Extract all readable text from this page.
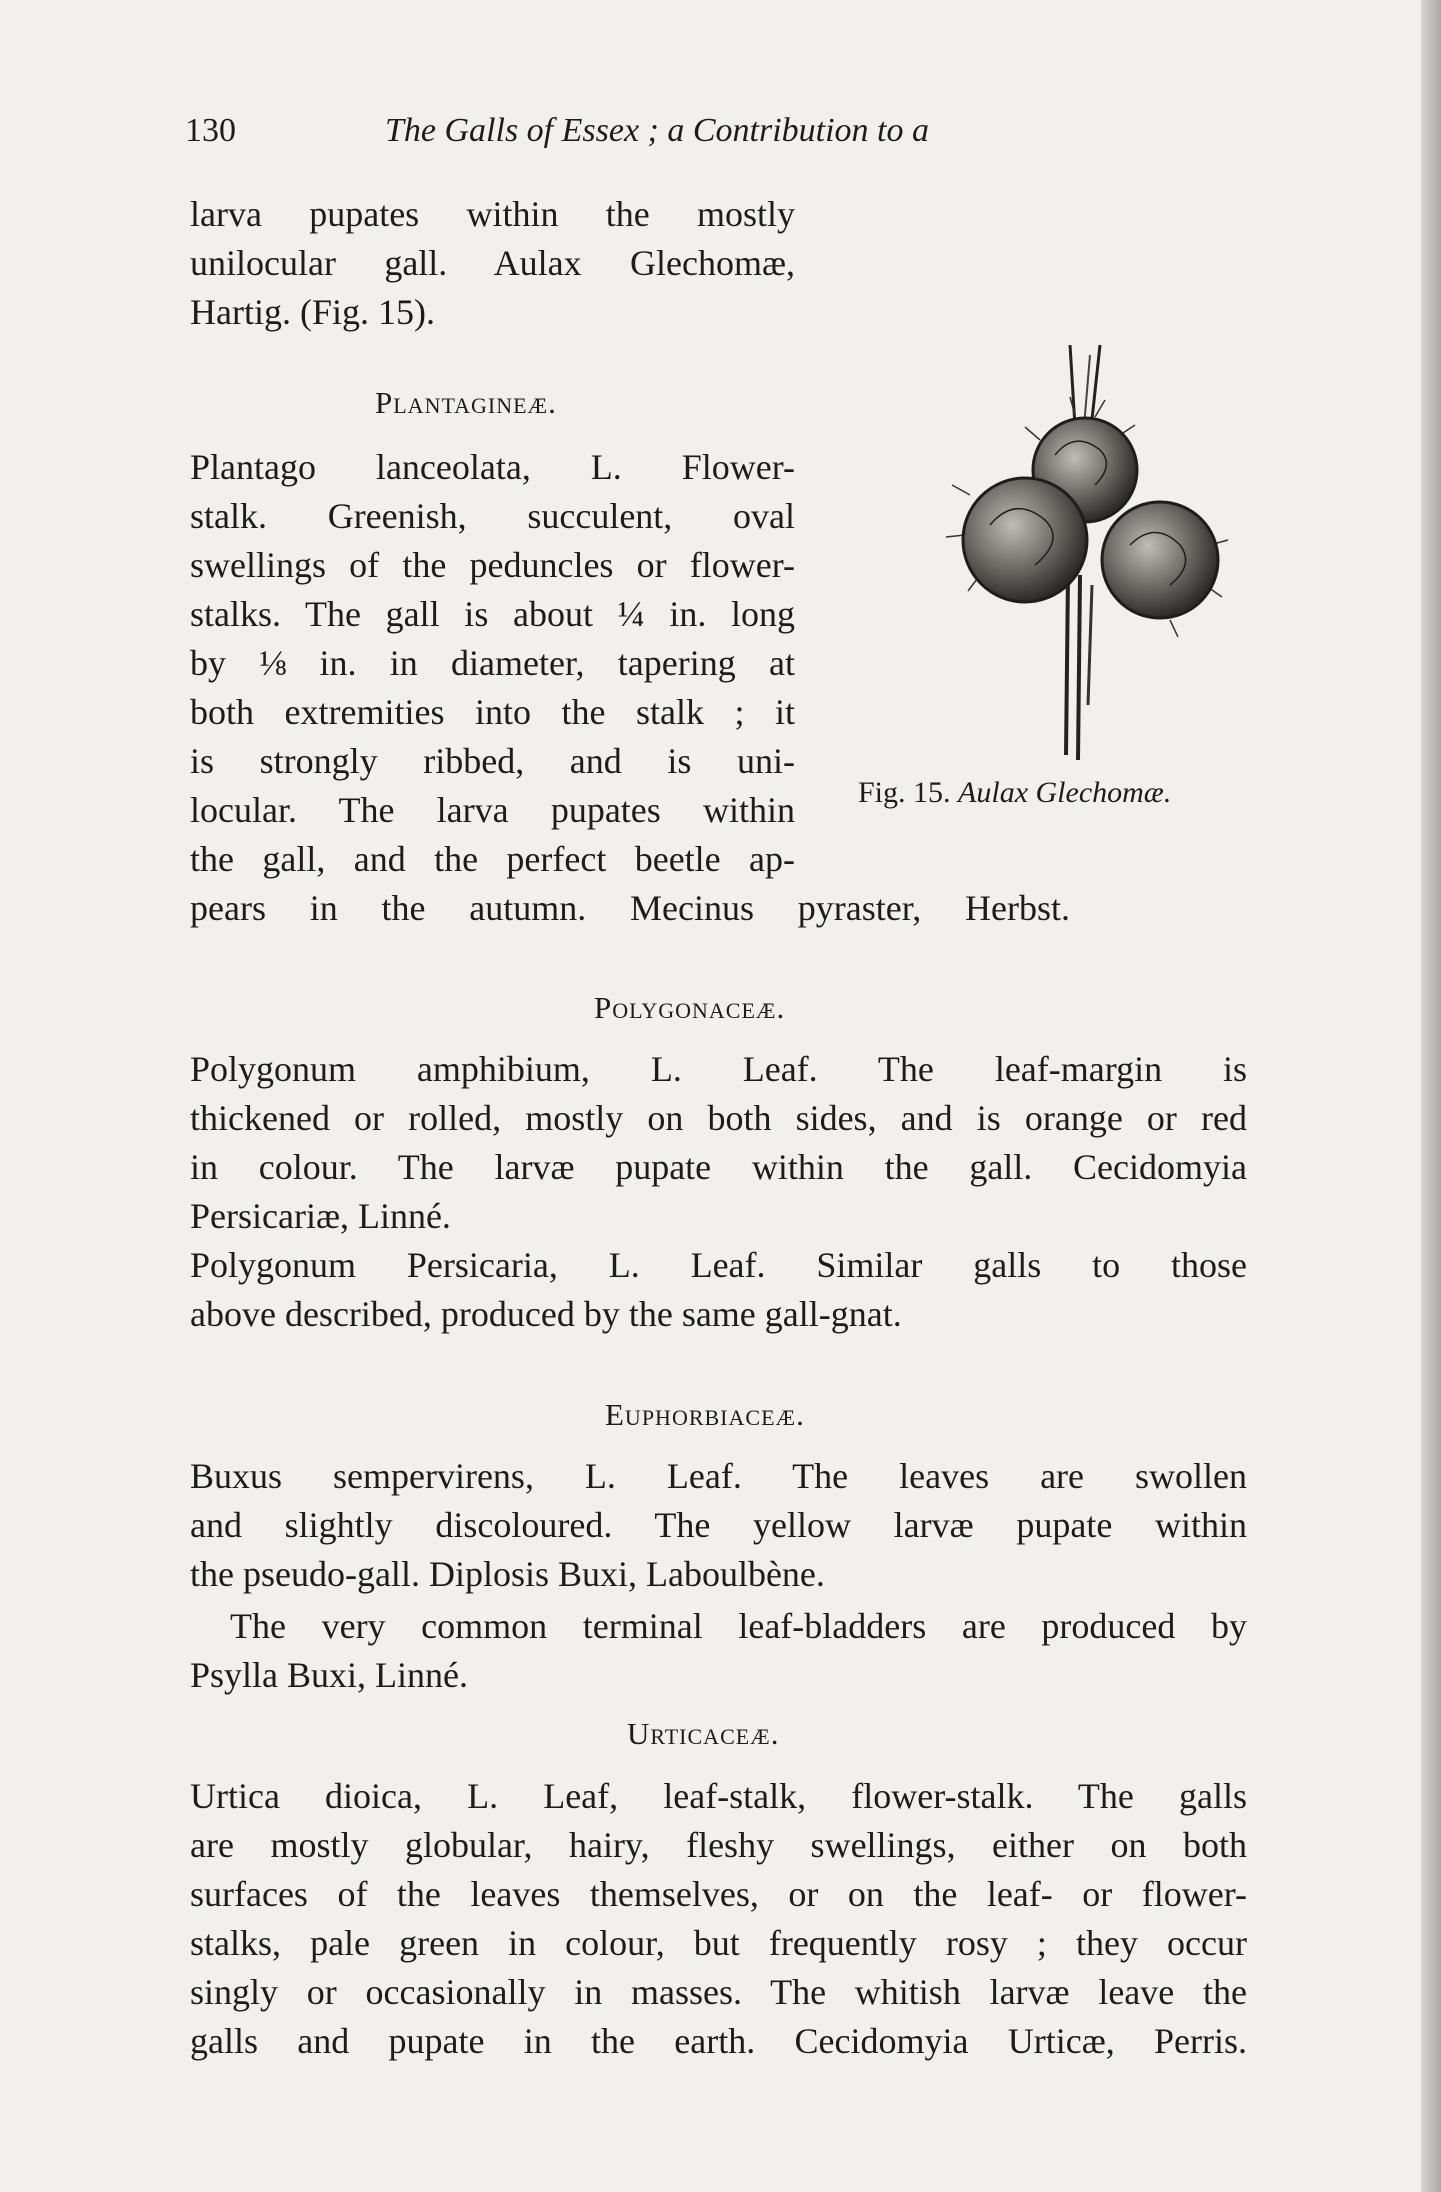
130	The Galls of Essex ; a Contribution to a

larva pupates within the mostly

unilocular gall. Aulax Glechomæ,

Hartig. (Fig. 15).

Plantagineæ.

Plantago lanceolata, L. Flower-

stalk. Greenish, succulent, oval

swellings of the peduncles or flower-

stalks. The gall is about ¼ in. long

by ⅛ in. in diameter, tapering at

both extremities into the stalk ; it

is strongly ribbed, and is uni-

locular. The larva pupates within

the gall, and the perfect beetle ap-

pears in the autumn. Mecinus pyraster, Herbst.

Fig. 15. Aulax Glechomæ.
Polygonaceæ.

Polygonum amphibium, L. Leaf. The leaf-margin is

thickened or rolled, mostly on both sides, and is orange or red

in colour. The larvæ pupate within the gall. Cecidomyia

Persicariæ, Linné.

Polygonum Persicaria, L. Leaf. Similar galls to those

above described, produced by the same gall-gnat.

Euphorbiaceæ.

Buxus sempervirens, L. Leaf. The leaves are swollen

and slightly discoloured. The yellow larvæ pupate within

the pseudo-gall. Diplosis Buxi, Laboulbène.

The very common terminal leaf-bladders are produced by

Psylla Buxi, Linné.

Urticaceæ.

Urtica dioica, L. Leaf, leaf-stalk, flower-stalk. The galls

are mostly globular, hairy, fleshy swellings, either on both

surfaces of the leaves themselves, or on the leaf- or flower-

stalks, pale green in colour, but frequently rosy ; they occur

singly or occasionally in masses. The whitish larvæ leave the

galls and pupate in the earth. Cecidomyia Urticæ, Perris.
